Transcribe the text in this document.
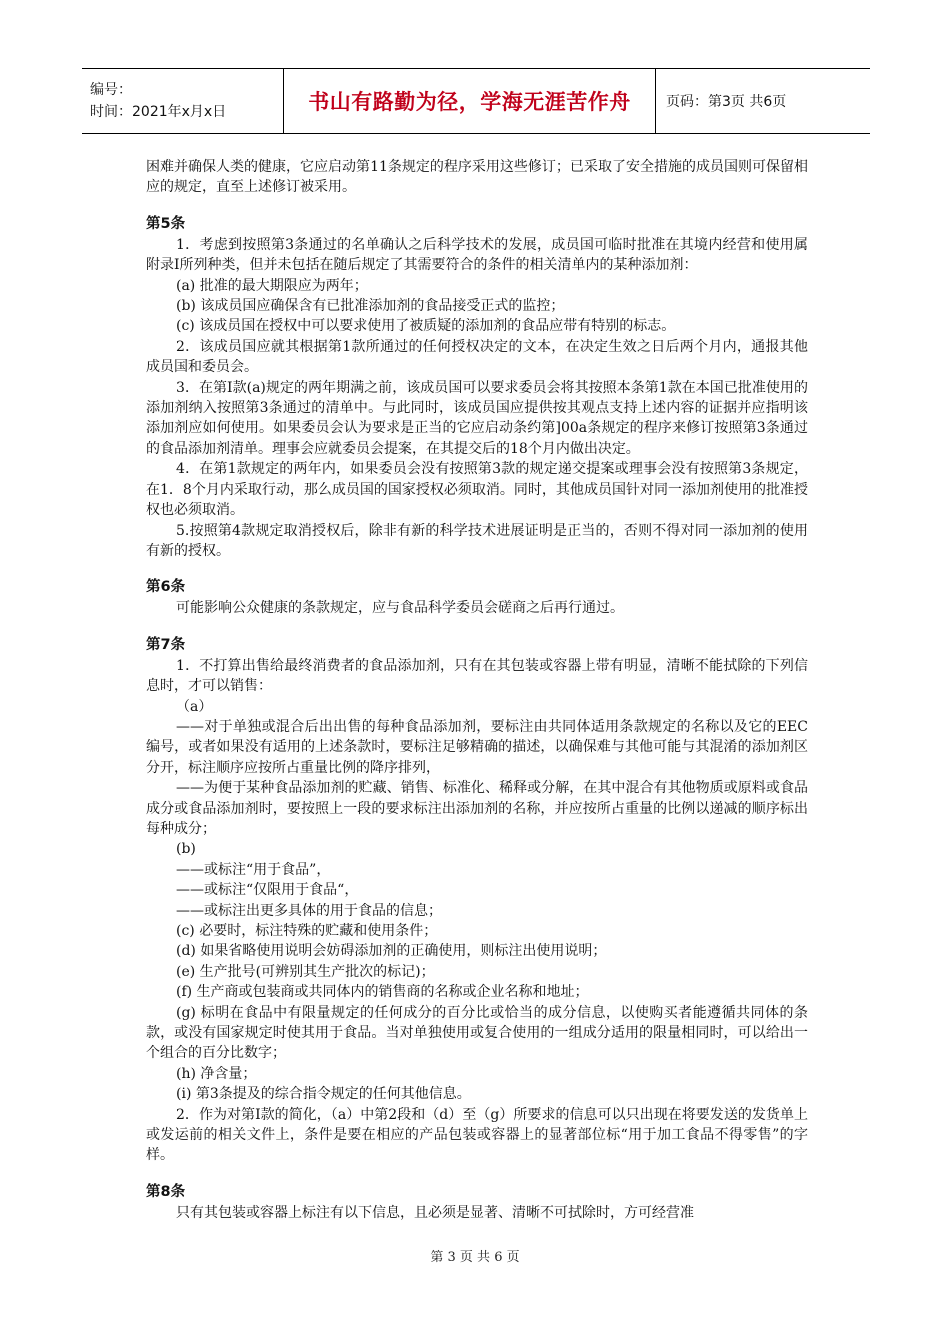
编号：
时间：2021年x月x日	书山有路勤为径，学海无涯苦作舟	页码：第3页 共6页

困难并确保人类的健康，它应启动第11条规定的程序采用这些修订；已采取了安全措施的成员国则可保留相应的规定，直至上述修订被采用。

第5条

1．考虑到按照第3条通过的名单确认之后科学技术的发展，成员国可临时批准在其境内经营和使用属附录Ⅰ所列种类，但并未包括在随后规定了其需要符合的条件的相关清单内的某种添加剂：

(a) 批准的最大期限应为两年；

(b) 该成员国应确保含有已批准添加剂的食品接受正式的监控；

(c) 该成员国在授权中可以要求使用了被质疑的添加剂的食品应带有特别的标志。

2．该成员国应就其根据第1款所通过的任何授权决定的文本，在决定生效之日后两个月内，通报其他成员国和委员会。

3．在第Ⅰ款(a)规定的两年期满之前，该成员国可以要求委员会将其按照本条第1款在本国已批准使用的添加剂纳入按照第3条通过的清单中。与此同时，该成员国应提供按其观点支持上述内容的证据并应指明该添加剂应如何使用。如果委员会认为要求是正当的它应启动条约第]00a条规定的程序来修订按照第3条通过的食品添加剂清单。理事会应就委员会提案，在其提交后的18个月内做出决定。

4．在第1款规定的两年内，如果委员会没有按照第3款的规定递交提案或理事会没有按照第3条规定，在1．8个月内采取行动，那么成员国的国家授权必须取消。同时，其他成员国针对同一添加剂使用的批准授权也必须取消。

5.按照第4款规定取消授权后，除非有新的科学技术进展证明是正当的，否则不得对同一添加剂的使用有新的授权。

第6条

可能影响公众健康的条款规定，应与食品科学委员会磋商之后再行通过。

第7条

1．不打算出售给最终消费者的食品添加剂，只有在其包装或容器上带有明显，清晰不能拭除的下列信息时，才可以销售：

（a）

——对于单独或混合后出出售的每种食品添加剂，要标注由共同体适用条款规定的名称以及它的EEC编号，或者如果没有适用的上述条款时，要标注足够精确的描述，以确保难与其他可能与其混淆的添加剂区分开，标注顺序应按所占重量比例的降序排列，

——为便于某种食品添加剂的贮藏、销售、标准化、稀释或分解，在其中混合有其他物质或原料或食品成分或食品添加剂时，要按照上一段的要求标注出添加剂的名称，并应按所占重量的比例以递减的顺序标出每种成分；

(b)

——或标注“用于食品”，

——或标注“仅限用于食品“，

——或标注出更多具体的用于食品的信息；

(c) 必要时，标注特殊的贮藏和使用条件；

(d) 如果省略使用说明会妨碍添加剂的正确使用，则标注出使用说明；

(e) 生产批号(可辨别其生产批次的标记)；

(f) 生产商或包装商或共同体内的销售商的名称或企业名称和地址；

(g) 标明在食品中有限量规定的任何成分的百分比或恰当的成分信息，以使购买者能遵循共同体的条款，或没有国家规定时使其用于食品。当对单独使用或复合使用的一组成分适用的限量相同时，可以给出一个组合的百分比数字；

(h) 净含量；

(i) 第3条提及的综合指令规定的任何其他信息。

2．作为对第Ⅰ款的简化，（a）中第2段和（d）至（g）所要求的信息可以只出现在将要发送的发货单上或发运前的相关文件上，条件是要在相应的产品包装或容器上的显著部位标“用于加工食品不得零售”的字样。

第8条

只有其包装或容器上标注有以下信息，且必须是显著、清晰不可拭除时，方可经营准

第 3 页 共 6 页
